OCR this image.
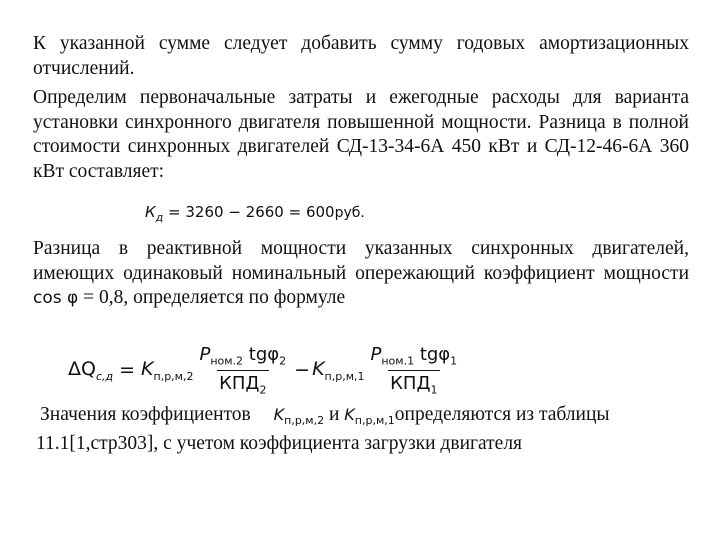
К указанной сумме следует добавить сумму годовых амортизационных отчислений.

Определим первоначальные затраты и ежегодные расходы для варианта установки синхронного двигателя повышенной мощности. Разница в полной стоимости синхронных двигателей СД-13-34-6А 450 кВт и СД-12-46-6А 360 кВт составляет:

$К_д = 3260 - 2660 = 600руб$.

Разница в реактивной мощности указанных синхронных двигателей, имеющих одинаковый номинальный опережающий коэффициент мощности cos φ = 0,8, определяется по формуле

$\Delta Q_{с,д} = K_{п,р,м,2} \frac{P_{ном.2} tg\varphi_2}{КПД_2} - K_{п,р,м,1} \frac{P_{ном.1} tg\varphi_1}{КПД_1}$
Значения коэффициентов $K_{п,р,м,2}$ и $K_{п,р,м,1}определяются$ из таблицы
11.1[1,стр303], с учетом коэффициента загрузки двигателя
